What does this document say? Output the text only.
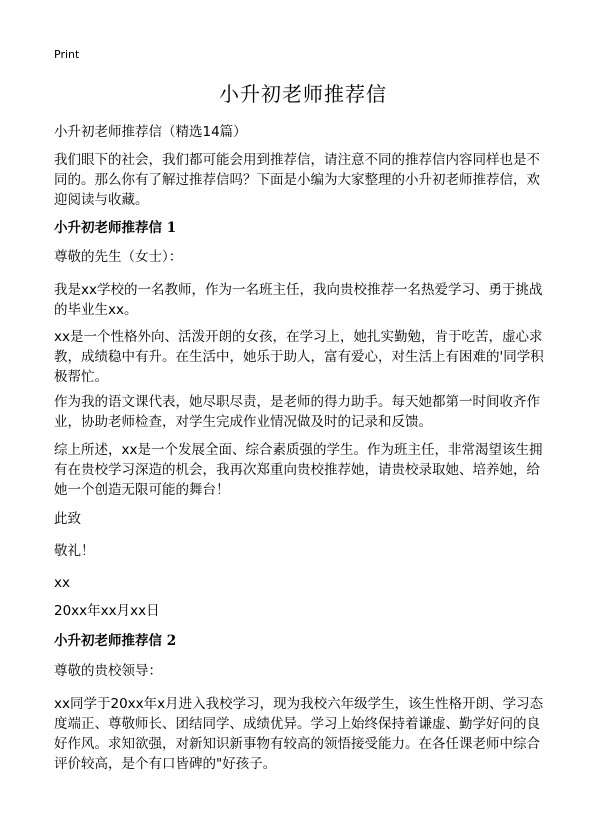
Print
小升初老师推荐信

小升初老师推荐信（精选14篇）

我们眼下的社会，我们都可能会用到推荐信，请注意不同的推荐信内容同样也是不同的。那么你有了解过推荐信吗？下面是小编为大家整理的小升初老师推荐信，欢迎阅读与收藏。

小升初老师推荐信 1

尊敬的先生（女士）：

我是xx学校的一名教师，作为一名班主任，我向贵校推荐一名热爱学习、勇于挑战的毕业生xx。

xx是一个性格外向、活泼开朗的女孩，在学习上，她扎实勤勉，肯于吃苦，虚心求教，成绩稳中有升。在生活中，她乐于助人，富有爱心，对生活上有困难的'同学积极帮忙。

作为我的语文课代表，她尽职尽责，是老师的得力助手。每天她都第一时间收齐作业，协助老师检查，对学生完成作业情况做及时的记录和反馈。

综上所述，xx是一个发展全面、综合素质强的学生。作为班主任，非常渴望该生拥有在贵校学习深造的机会，我再次郑重向贵校推荐她，请贵校录取她、培养她，给她一个创造无限可能的舞台！

此致

敬礼！

xx

20xx年xx月xx日

小升初老师推荐信 2

尊敬的贵校领导：

xx同学于20xx年x月进入我校学习，现为我校六年级学生，该生性格开朗、学习态度端正、尊敬师长、团结同学、成绩优异。学习上始终保持着谦虚、勤学好问的良好作风。求知欲强，对新知识新事物有较高的领悟接受能力。在各任课老师中综合评价较高，是个有口皆碑的"好孩子。
